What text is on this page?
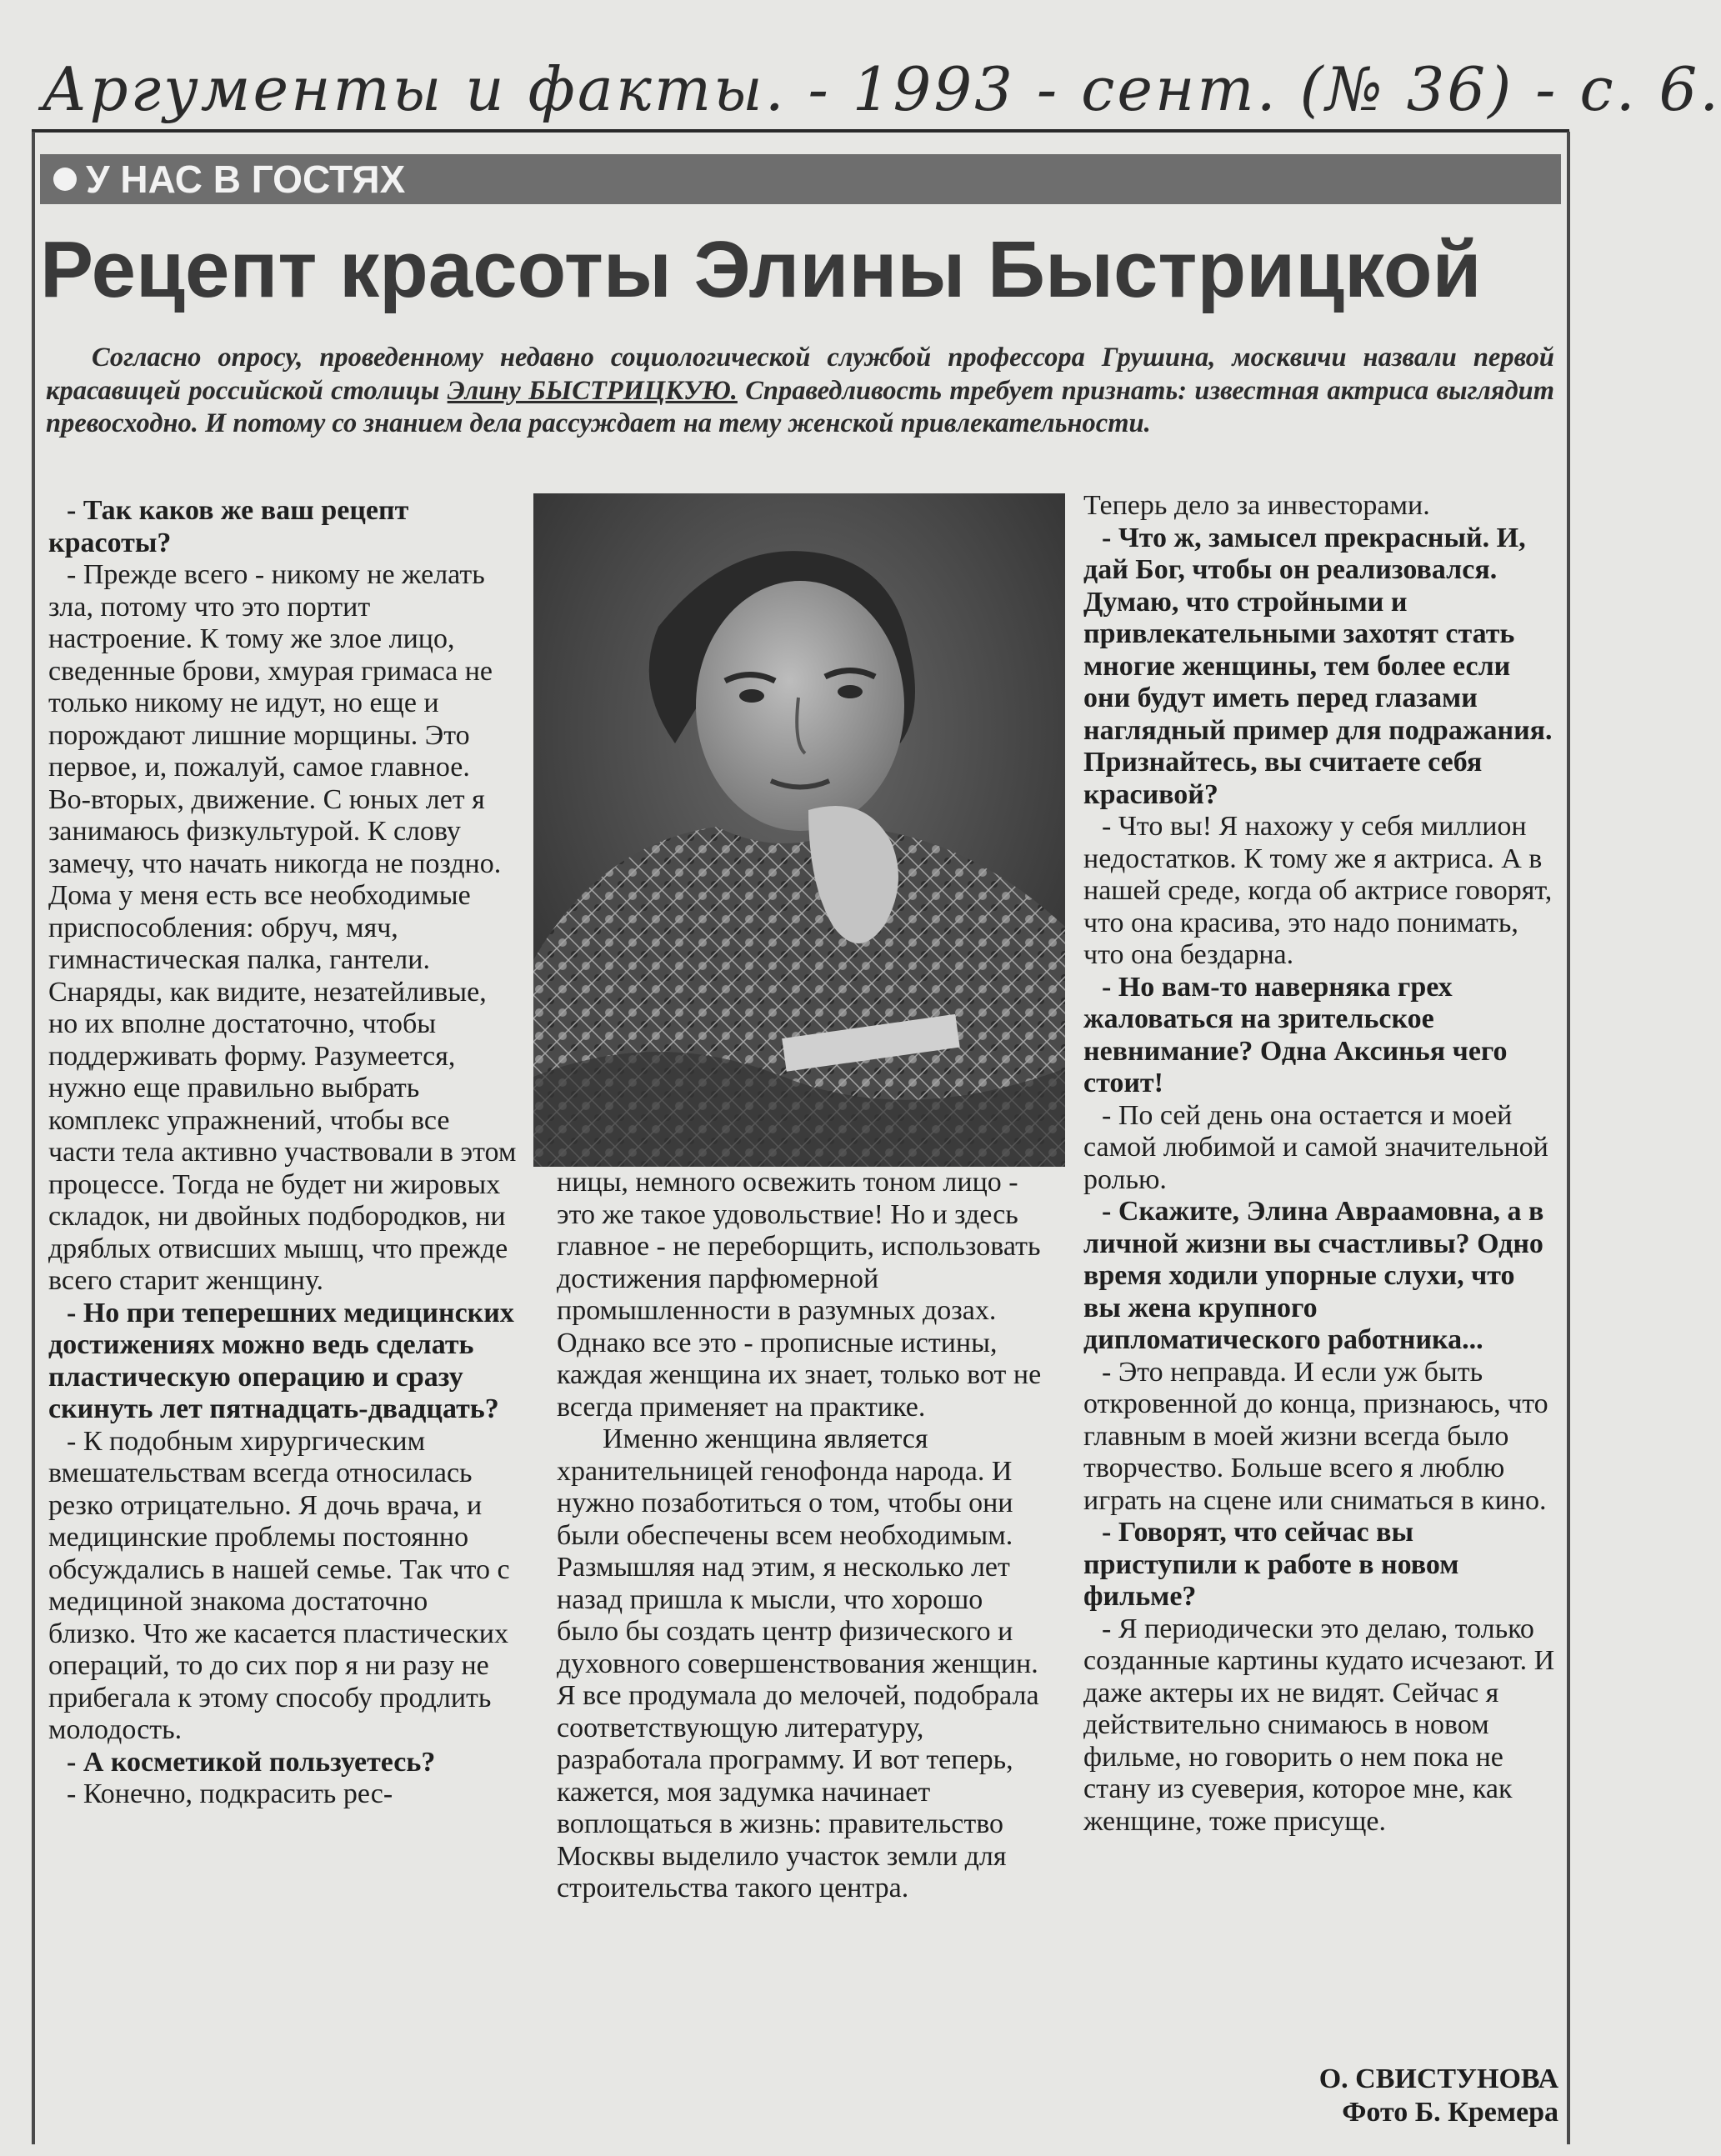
Аргументы и факты. - 1993 - сент. (№ 36) - с. 6.
У НАС В ГОСТЯХ
Рецепт красоты Элины Быстрицкой
Согласно опросу, проведенному недавно социологической службой профессора Грушина, москвичи назвали первой красавицей российской столицы Элину БЫСТРИЦКУЮ. Справедливость требует признать: известная актриса выглядит превосходно. И потому со знанием дела рассуждает на тему женской привлекательности.

- Так каков же ваш рецепт красоты?

- Прежде всего - никому не желать зла, потому что это портит настроение. К тому же злое лицо, сведенные брови, хмурая гримаса не только никому не идут, но еще и порождают лишние морщины. Это первое, и, пожалуй, самое главное. Во-вторых, движение. С юных лет я занимаюсь физкультурой. К слову замечу, что начать никогда не поздно. Дома у меня есть все необходимые приспособления: обруч, мяч, гимнастическая палка, гантели. Снаряды, как видите, незатейливые, но их вполне достаточно, чтобы поддерживать форму. Разумеется, нужно еще правильно выбрать комплекс упражнений, чтобы все части тела активно участвовали в этом процессе. Тогда не будет ни жировых складок, ни двойных подбородков, ни дряблых отвисших мышц, что прежде всего старит женщину.

- Но при теперешних медицинских достижениях можно ведь сделать пластическую операцию и сразу скинуть лет пятнадцать-двадцать?

- К подобным хирургическим вмешательствам всегда относилась резко отрицательно. Я дочь врача, и медицинские проблемы постоянно обсуждались в нашей семье. Так что с медициной знакома достаточно близко. Что же касается пластических операций, то до сих пор я ни разу не прибегала к этому способу продлить молодость.

- А косметикой пользуетесь?

- Конечно, подкрасить рес-

ницы, немного освежить тоном лицо - это же такое удовольствие! Но и здесь главное - не переборщить, использовать достижения парфюмерной промышленности в разумных дозах. Однако все это - прописные истины, каждая женщина их знает, только вот не всегда применяет на практике.

Именно женщина является хранительницей генофонда народа. И нужно позаботиться о том, чтобы они были обеспечены всем необходимым. Размышляя над этим, я несколько лет назад пришла к мысли, что хорошо было бы создать центр физического и духовного совершенствования женщин. Я все продумала до мелочей, подобрала соответствующую литературу, разработала программу. И вот теперь, кажется, моя задумка начинает воплощаться в жизнь: правительство Москвы выделило участок земли для строительства такого центра.

Теперь дело за инвесторами.

- Что ж, замысел прекрасный. И, дай Бог, чтобы он реализовался. Думаю, что стройными и привлекательными захотят стать многие женщины, тем более если они будут иметь перед глазами наглядный пример для подражания. Признайтесь, вы считаете себя красивой?

- Что вы! Я нахожу у себя миллион недостатков. К тому же я актриса. А в нашей среде, когда об актрисе говорят, что она красива, это надо понимать, что она бездарна.

- Но вам-то наверняка грех жаловаться на зрительское невнимание? Одна Аксинья чего стоит!

- По сей день она остается и моей самой любимой и самой значительной ролью.

- Скажите, Элина Авраамовна, а в личной жизни вы счастливы? Одно время ходили упорные слухи, что вы жена крупного дипломатического работника...

- Это неправда. И если уж быть откровенной до конца, признаюсь, что главным в моей жизни всегда было творчество. Больше всего я люблю играть на сцене или сниматься в кино.

- Говорят, что сейчас вы приступили к работе в новом фильме?

- Я периодически это делаю, только созданные картины кудато исчезают. И даже актеры их не видят. Сейчас я действительно снимаюсь в новом фильме, но говорить о нем пока не стану из суеверия, которое мне, как женщине, тоже присуще.

О. СВИСТУНОВА
Фото Б. Кремера
